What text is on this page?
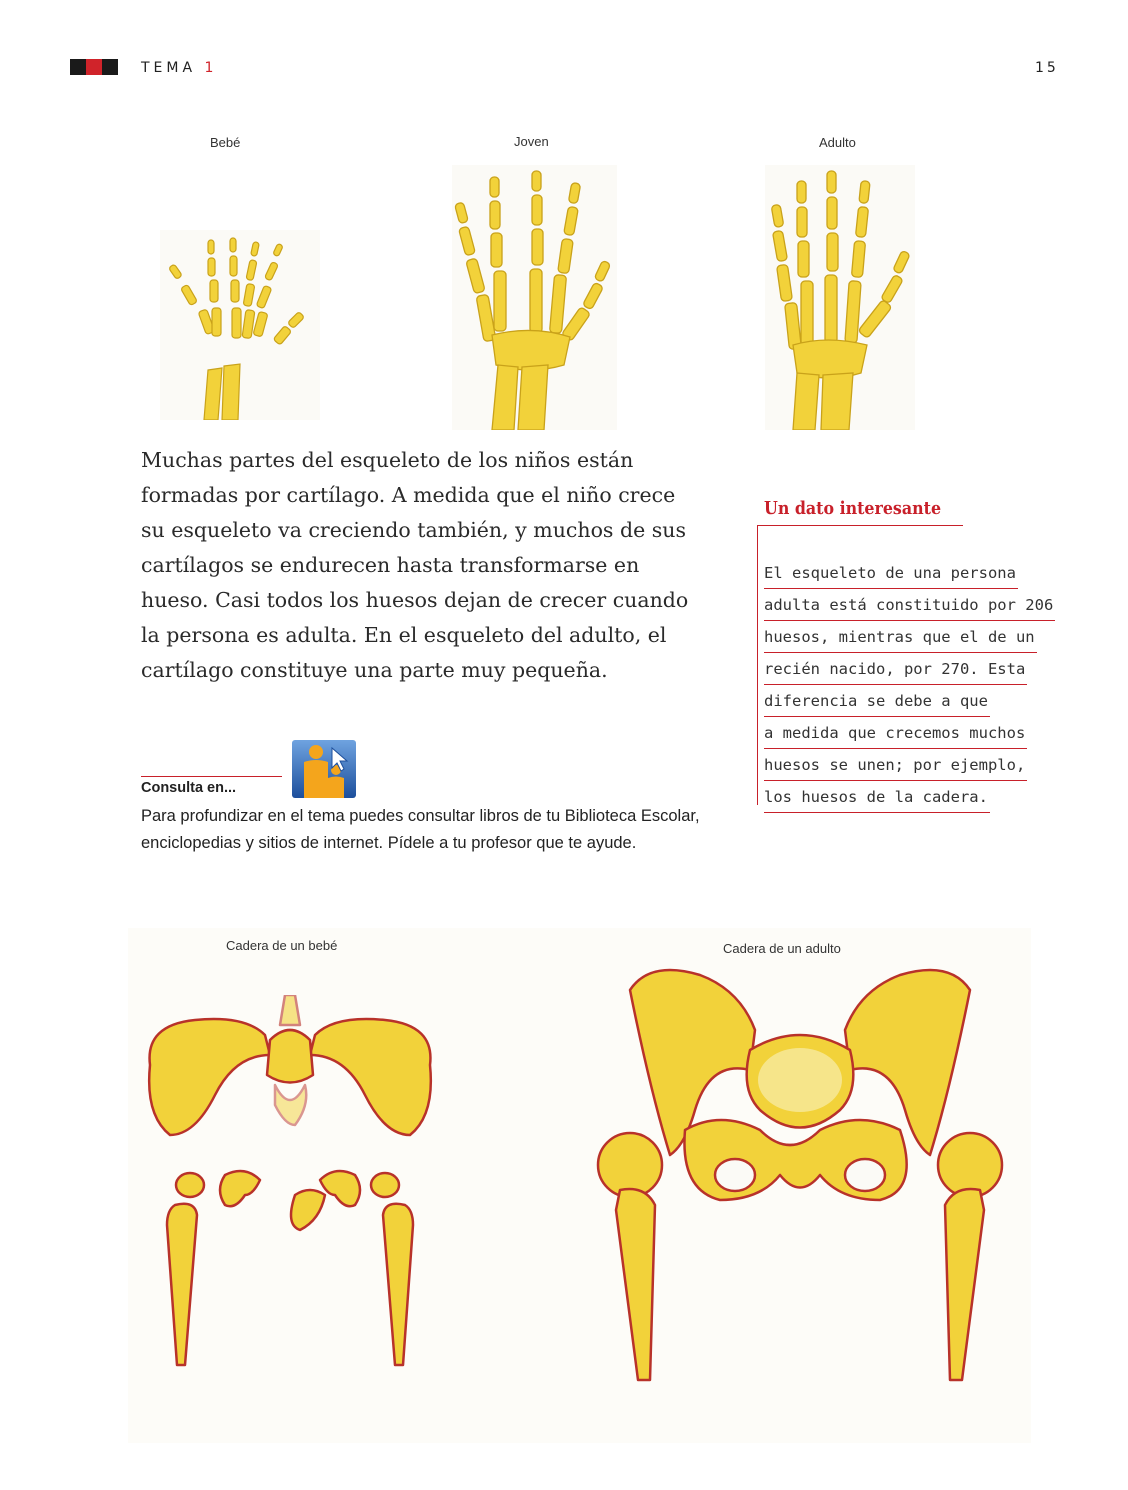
TEMA 1	15
Bebé	Joven	Adulto
Muchas partes del esqueleto de los niños están formadas por cartílago. A medida que el niño crece su esqueleto va creciendo también, y muchos de sus cartílagos se endurecen hasta transformarse en hueso. Casi todos los huesos dejan de crecer cuando la persona es adulta. En el esqueleto del adulto, el cartílago constituye una parte muy pequeña.
Un dato interesante
El esqueleto de una persona
adulta está constituido por 206
huesos, mientras que el de un
recién nacido, por 270. Esta
diferencia se debe a que
a medida que crecemos muchos
huesos se unen; por ejemplo,
los huesos de la cadera.
Consulta en...
Para profundizar en el tema puedes consultar libros de tu Biblioteca Escolar, enciclopedias y sitios de internet. Pídele a tu profesor que te ayude.
Cadera de un bebé	Cadera de un adulto
